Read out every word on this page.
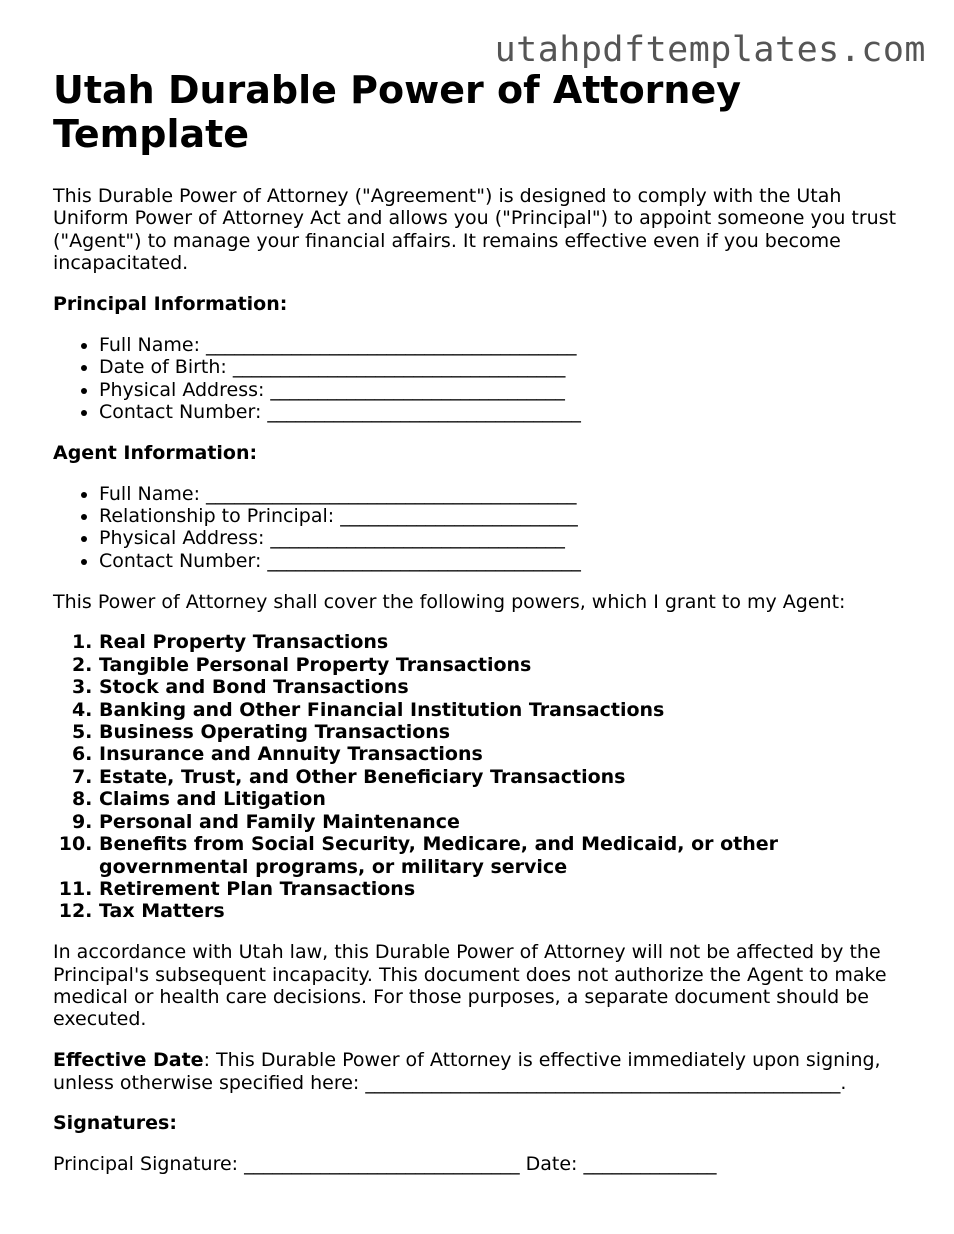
utahpdftemplates.com
Utah Durable Power of Attorney Template

This Durable Power of Attorney ("Agreement") is designed to comply with the Utah Uniform Power of Attorney Act and allows you ("Principal") to appoint someone you trust ("Agent") to manage your financial affairs. It remains effective even if you become incapacitated.

Principal Information:
• Full Name: _______________________________________
• Date of Birth: ___________________________________
• Physical Address: _______________________________
• Contact Number: _________________________________
Agent Information:
• Full Name: _______________________________________
• Relationship to Principal: _________________________
• Physical Address: _______________________________
• Contact Number: _________________________________

This Power of Attorney shall cover the following powers, which I grant to my Agent:

1. Real Property Transactions
2. Tangible Personal Property Transactions
3. Stock and Bond Transactions
4. Banking and Other Financial Institution Transactions
5. Business Operating Transactions
6. Insurance and Annuity Transactions
7. Estate, Trust, and Other Beneficiary Transactions
8. Claims and Litigation
9. Personal and Family Maintenance
10. Benefits from Social Security, Medicare, and Medicaid, or other governmental programs, or military service
11. Retirement Plan Transactions
12. Tax Matters

In accordance with Utah law, this Durable Power of Attorney will not be affected by the Principal's subsequent incapacity. This document does not authorize the Agent to make medical or health care decisions. For those purposes, a separate document should be executed.

Effective Date: This Durable Power of Attorney is effective immediately upon signing, unless otherwise specified here: __________________________________________________.

Signatures:

Principal Signature: _____________________________ Date: ______________
